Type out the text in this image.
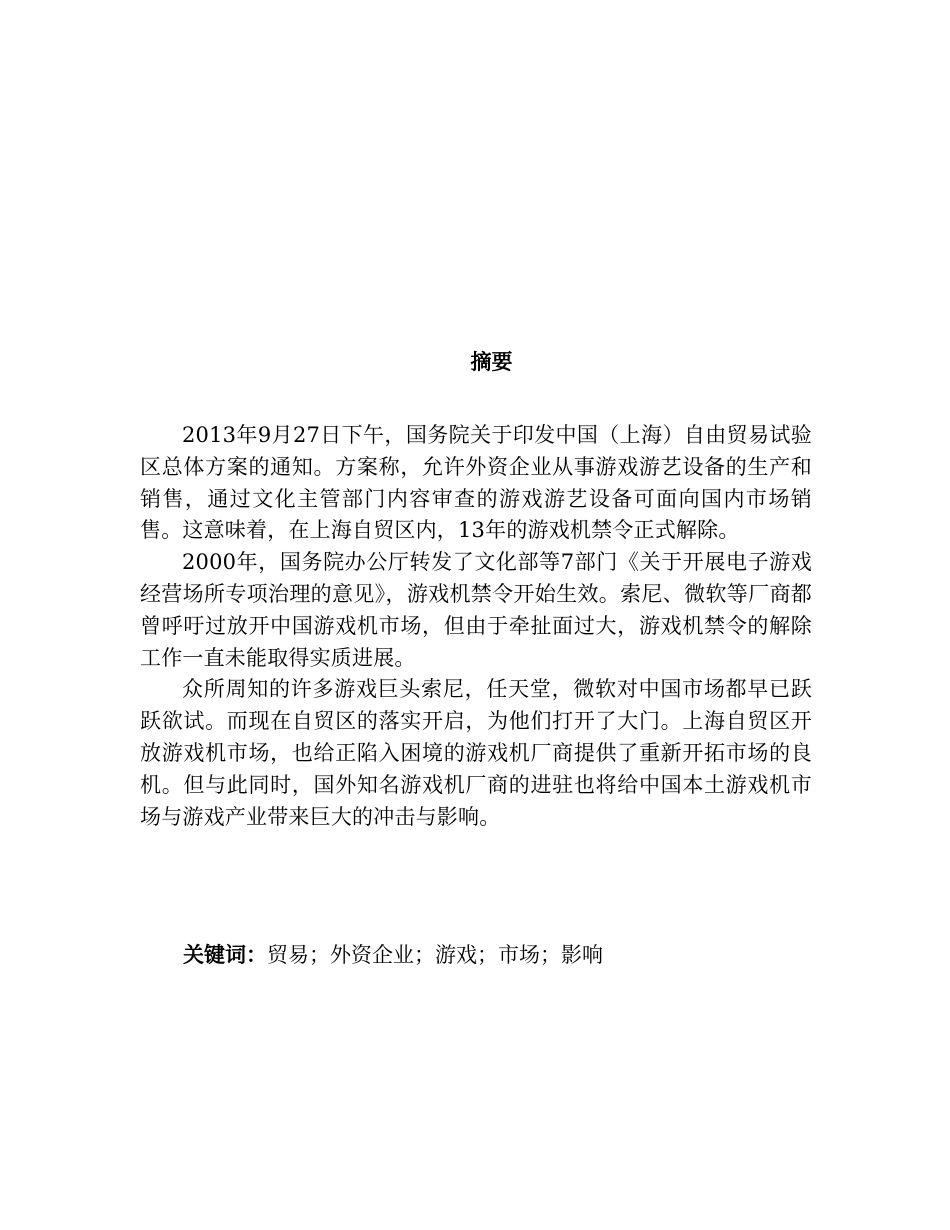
摘要

2013年9月27日下午，国务院关于印发中国（上海）自由贸易试验区总体方案的通知。方案称，允许外资企业从事游戏游艺设备的生产和销售，通过文化主管部门内容审查的游戏游艺设备可面向国内市场销售。这意味着，在上海自贸区内，13年的游戏机禁令正式解除。

2000年，国务院办公厅转发了文化部等7部门《关于开展电子游戏经营场所专项治理的意见》，游戏机禁令开始生效。索尼、微软等厂商都曾呼吁过放开中国游戏机市场，但由于牵扯面过大，游戏机禁令的解除工作一直未能取得实质进展。

众所周知的许多游戏巨头索尼，任天堂，微软对中国市场都早已跃跃欲试。而现在自贸区的落实开启，为他们打开了大门。上海自贸区开放游戏机市场，也给正陷入困境的游戏机厂商提供了重新开拓市场的良机。但与此同时，国外知名游戏机厂商的进驻也将给中国本土游戏机市场与游戏产业带来巨大的冲击与影响。

关键词：贸易；外资企业；游戏；市场；影响
